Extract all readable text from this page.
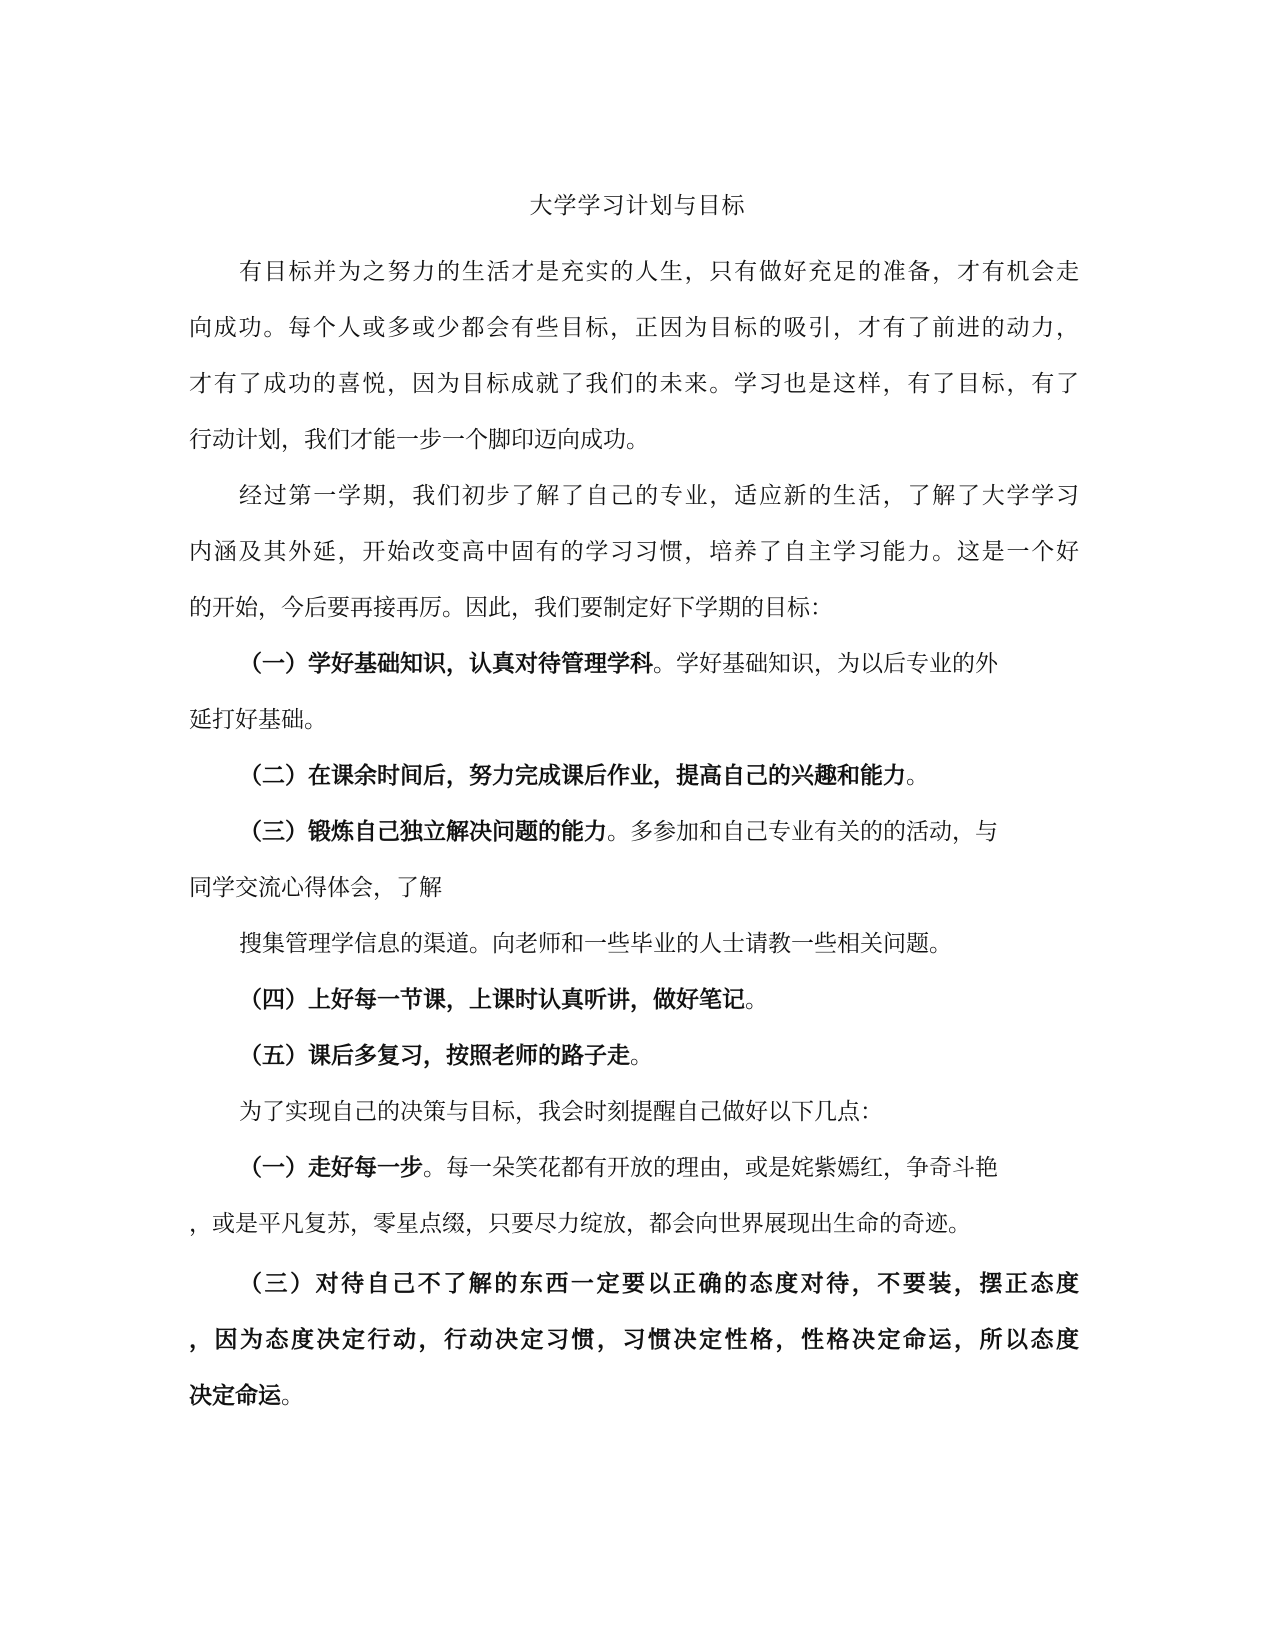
大学学习计划与目标
有目标并为之努力的生活才是充实的人生，只有做好充足的准备，才有机会走
向成功。每个人或多或少都会有些目标，正因为目标的吸引，才有了前进的动力，
才有了成功的喜悦，因为目标成就了我们的未来。学习也是这样，有了目标，有了
行动计划，我们才能一步一个脚印迈向成功。
经过第一学期，我们初步了解了自己的专业，适应新的生活，了解了大学学习
内涵及其外延，开始改变高中固有的学习习惯，培养了自主学习能力。这是一个好
的开始，今后要再接再厉。因此，我们要制定好下学期的目标：
（一）学好基础知识，认真对待管理学科。学好基础知识，为以后专业的外
延打好基础。
（二）在课余时间后，努力完成课后作业，提高自己的兴趣和能力。
（三）锻炼自己独立解决问题的能力。多参加和自己专业有关的的活动，与
同学交流心得体会，了解
搜集管理学信息的渠道。向老师和一些毕业的人士请教一些相关问题。
（四）上好每一节课，上课时认真听讲，做好笔记。
（五）课后多复习，按照老师的路子走。
为了实现自己的决策与目标，我会时刻提醒自己做好以下几点：
（一）走好每一步。每一朵笑花都有开放的理由，或是姹紫嫣红，争奇斗艳
，或是平凡复苏，零星点缀，只要尽力绽放，都会向世界展现出生命的奇迹。
（三）对待自己不了解的东西一定要以正确的态度对待，不要装，摆正态度
，因为态度决定行动，行动决定习惯，习惯决定性格，性格决定命运，所以态度
决定命运。
